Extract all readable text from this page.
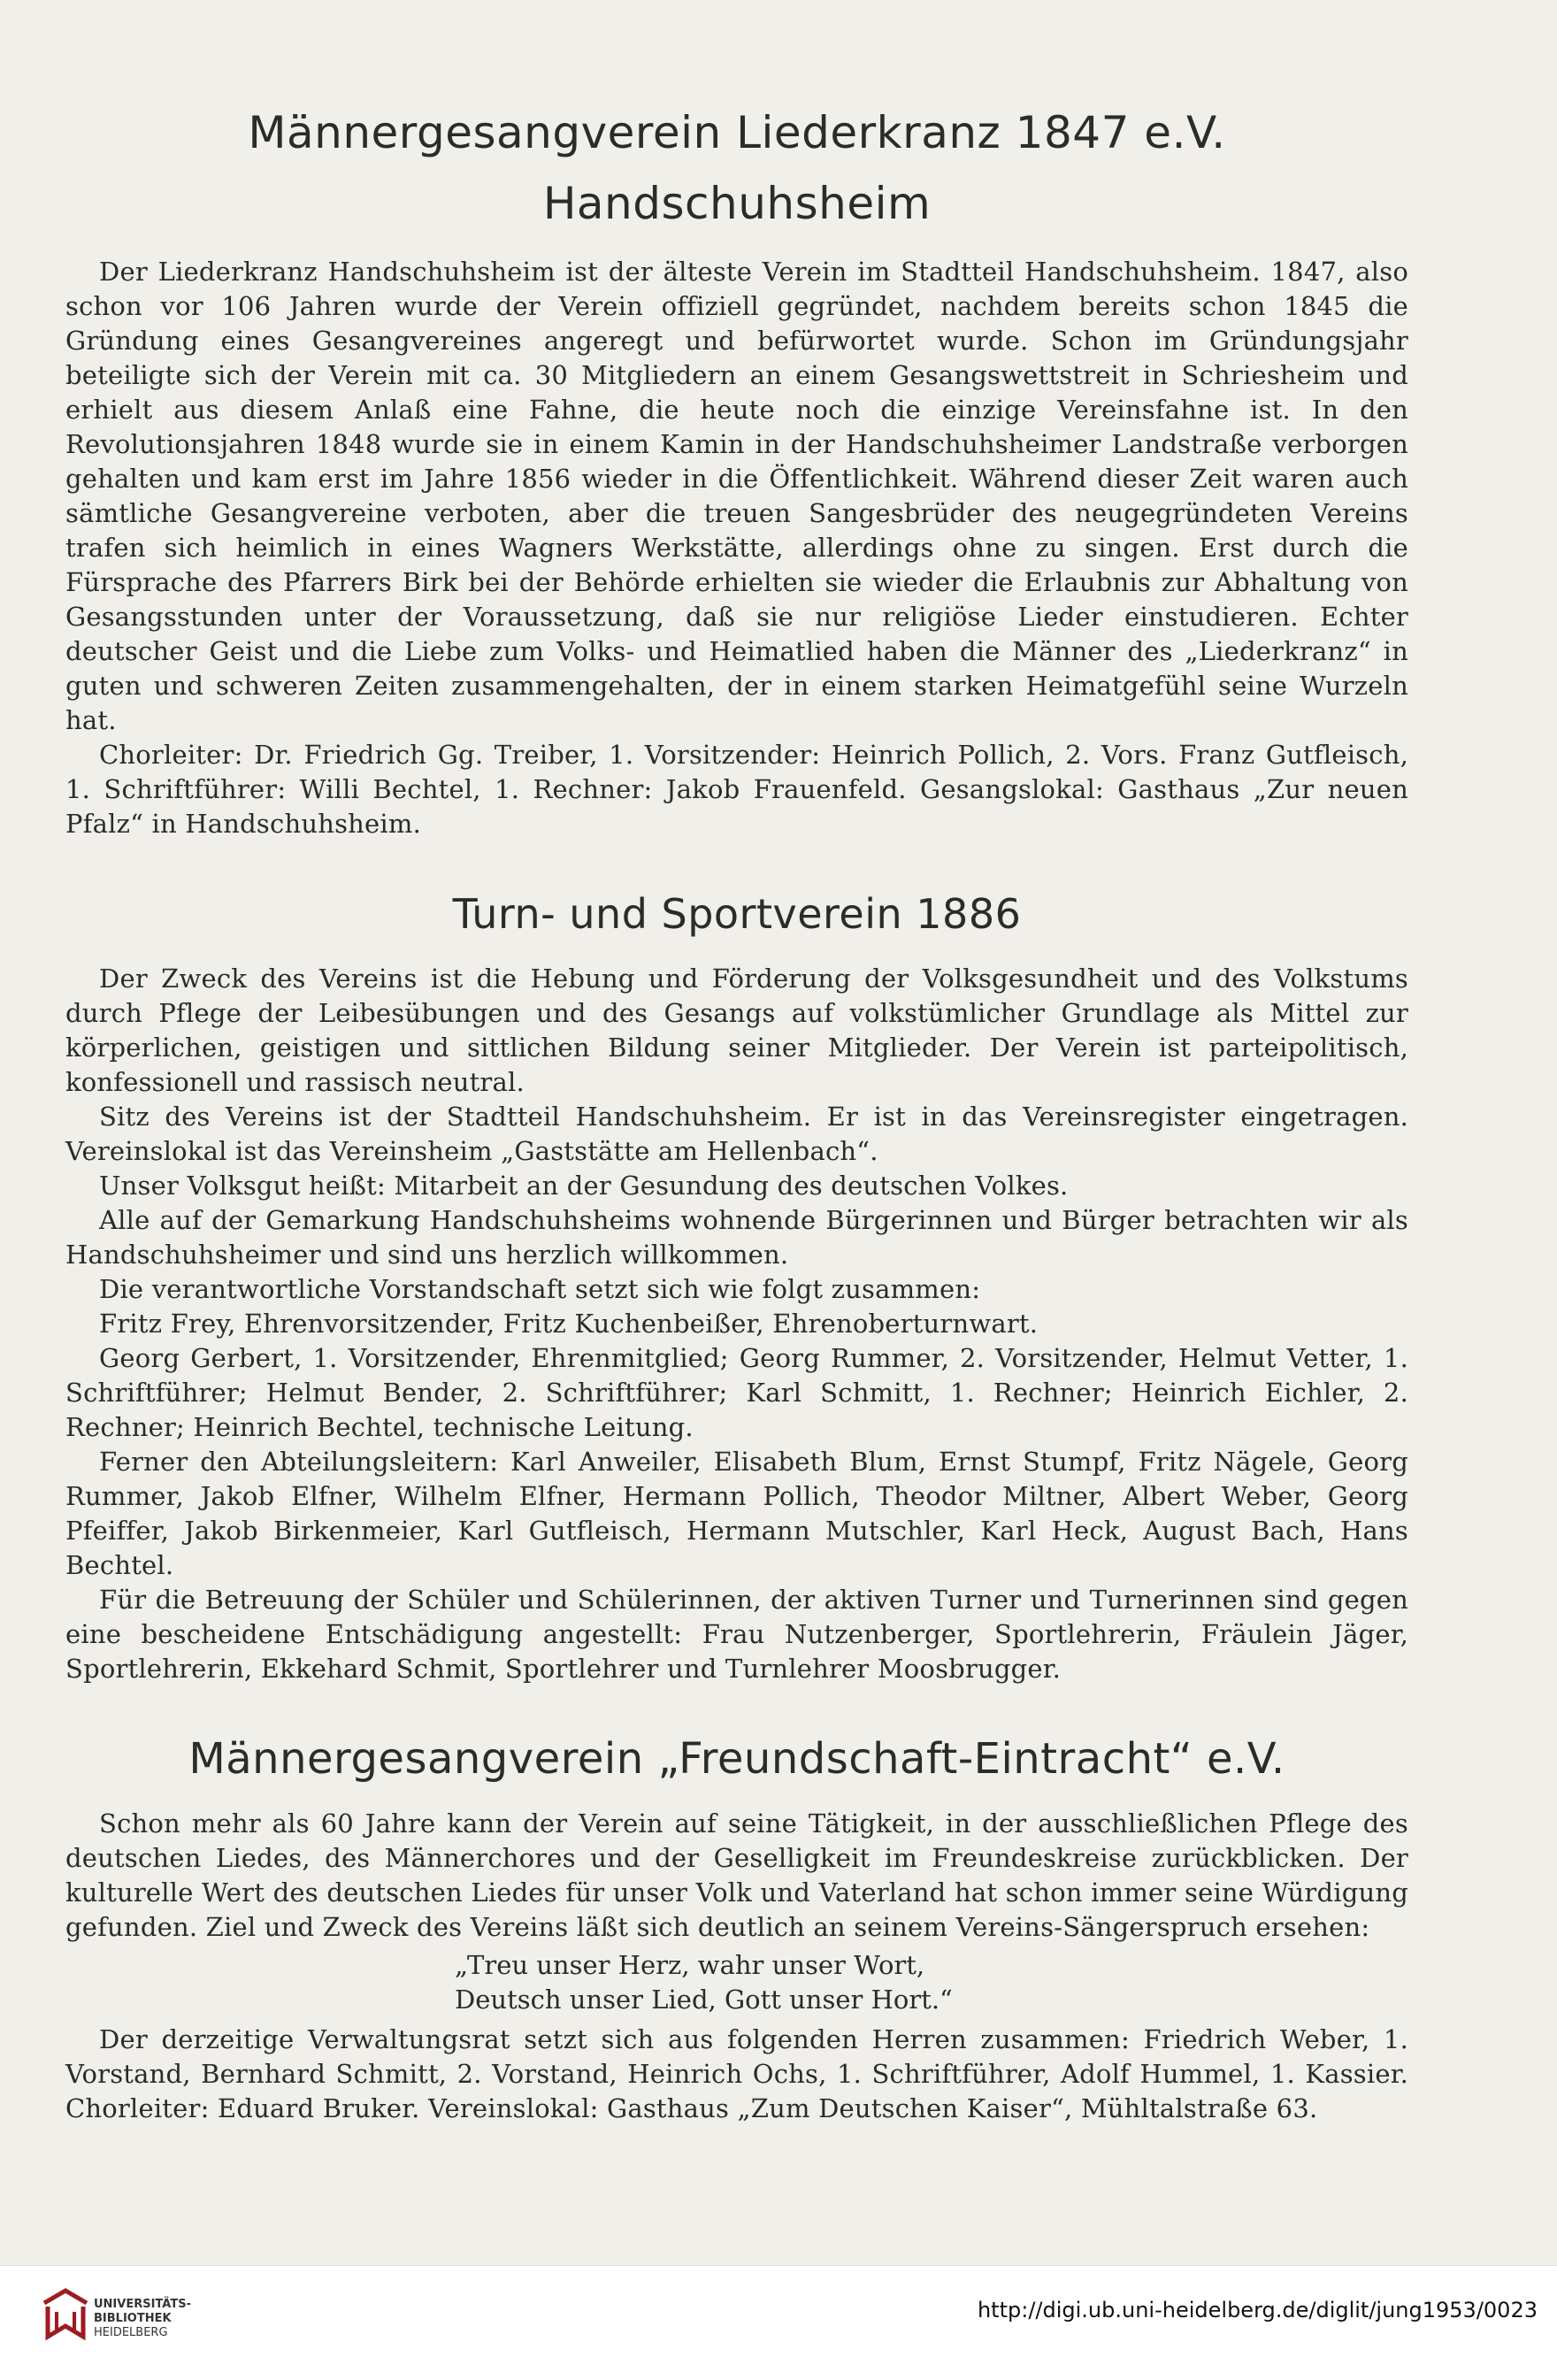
Männergesangverein Liederkranz 1847 e.V. Handschuhsheim

Der Liederkranz Handschuhsheim ist der älteste Verein im Stadtteil Handschuhsheim. 1847, also schon vor 106 Jahren wurde der Verein offiziell gegründet, nachdem bereits schon 1845 die Gründung eines Gesangvereines angeregt und befürwortet wurde. Schon im Gründungsjahr beteiligte sich der Verein mit ca. 30 Mitgliedern an einem Gesangswettstreit in Schriesheim und erhielt aus diesem Anlaß eine Fahne, die heute noch die einzige Vereinsfahne ist. In den Revolutionsjahren 1848 wurde sie in einem Kamin in der Handschuhsheimer Landstraße verborgen gehalten und kam erst im Jahre 1856 wieder in die Öffentlichkeit. Während dieser Zeit waren auch sämtliche Gesangvereine verboten, aber die treuen Sangesbrüder des neugegründeten Vereins trafen sich heimlich in eines Wagners Werkstätte, allerdings ohne zu singen. Erst durch die Fürsprache des Pfarrers Birk bei der Behörde erhielten sie wieder die Erlaubnis zur Abhaltung von Gesangsstunden unter der Voraussetzung, daß sie nur religiöse Lieder einstudieren. Echter deutscher Geist und die Liebe zum Volks- und Heimatlied haben die Männer des „Liederkranz“ in guten und schweren Zeiten zusammengehalten, der in einem starken Heimatgefühl seine Wurzeln hat.

Chorleiter: Dr. Friedrich Gg. Treiber, 1. Vorsitzender: Heinrich Pollich, 2. Vors. Franz Gutfleisch, 1. Schriftführer: Willi Bechtel, 1. Rechner: Jakob Frauenfeld. Gesangslokal: Gasthaus „Zur neuen Pfalz“ in Handschuhsheim.

Turn- und Sportverein 1886

Der Zweck des Vereins ist die Hebung und Förderung der Volksgesundheit und des Volkstums durch Pflege der Leibesübungen und des Gesangs auf volkstümlicher Grundlage als Mittel zur körperlichen, geistigen und sittlichen Bildung seiner Mitglieder. Der Verein ist parteipolitisch, konfessionell und rassisch neutral.

Sitz des Vereins ist der Stadtteil Handschuhsheim. Er ist in das Vereinsregister eingetragen. Vereinslokal ist das Vereinsheim „Gaststätte am Hellenbach“.

Unser Volksgut heißt: Mitarbeit an der Gesundung des deutschen Volkes.

Alle auf der Gemarkung Handschuhsheims wohnende Bürgerinnen und Bürger betrachten wir als Handschuhsheimer und sind uns herzlich willkommen.

Die verantwortliche Vorstandschaft setzt sich wie folgt zusammen:

Fritz Frey, Ehrenvorsitzender, Fritz Kuchenbeißer, Ehrenoberturnwart.

Georg Gerbert, 1. Vorsitzender, Ehrenmitglied; Georg Rummer, 2. Vorsitzender, Helmut Vetter, 1. Schriftführer; Helmut Bender, 2. Schriftführer; Karl Schmitt, 1. Rechner; Heinrich Eichler, 2. Rechner; Heinrich Bechtel, technische Leitung.

Ferner den Abteilungsleitern: Karl Anweiler, Elisabeth Blum, Ernst Stumpf, Fritz Nägele, Georg Rummer, Jakob Elfner, Wilhelm Elfner, Hermann Pollich, Theodor Miltner, Albert Weber, Georg Pfeiffer, Jakob Birkenmeier, Karl Gutfleisch, Hermann Mutschler, Karl Heck, August Bach, Hans Bechtel.

Für die Betreuung der Schüler und Schülerinnen, der aktiven Turner und Turnerinnen sind gegen eine bescheidene Entschädigung angestellt: Frau Nutzenberger, Sportlehrerin, Fräulein Jäger, Sportlehrerin, Ekkehard Schmit, Sportlehrer und Turnlehrer Moosbrugger.

Männergesangverein „Freundschaft-Eintracht“ e.V.

Schon mehr als 60 Jahre kann der Verein auf seine Tätigkeit, in der ausschließlichen Pflege des deutschen Liedes, des Männerchores und der Geselligkeit im Freundeskreise zurückblicken. Der kulturelle Wert des deutschen Liedes für unser Volk und Vaterland hat schon immer seine Würdigung gefunden. Ziel und Zweck des Vereins läßt sich deutlich an seinem Vereins-Sängerspruch ersehen:

„Treu unser Herz, wahr unser Wort,
Deutsch unser Lied, Gott unser Hort.“

Der derzeitige Verwaltungsrat setzt sich aus folgenden Herren zusammen: Friedrich Weber, 1. Vorstand, Bernhard Schmitt, 2. Vorstand, Heinrich Ochs, 1. Schriftführer, Adolf Hummel, 1. Kassier. Chorleiter: Eduard Bruker. Vereinslokal: Gasthaus „Zum Deutschen Kaiser“, Mühltalstraße 63.

UNIVERSITÄTS-
BIBLIOTHEK
HEIDELBERG
http://digi.ub.uni-heidelberg.de/diglit/jung1953/0023
